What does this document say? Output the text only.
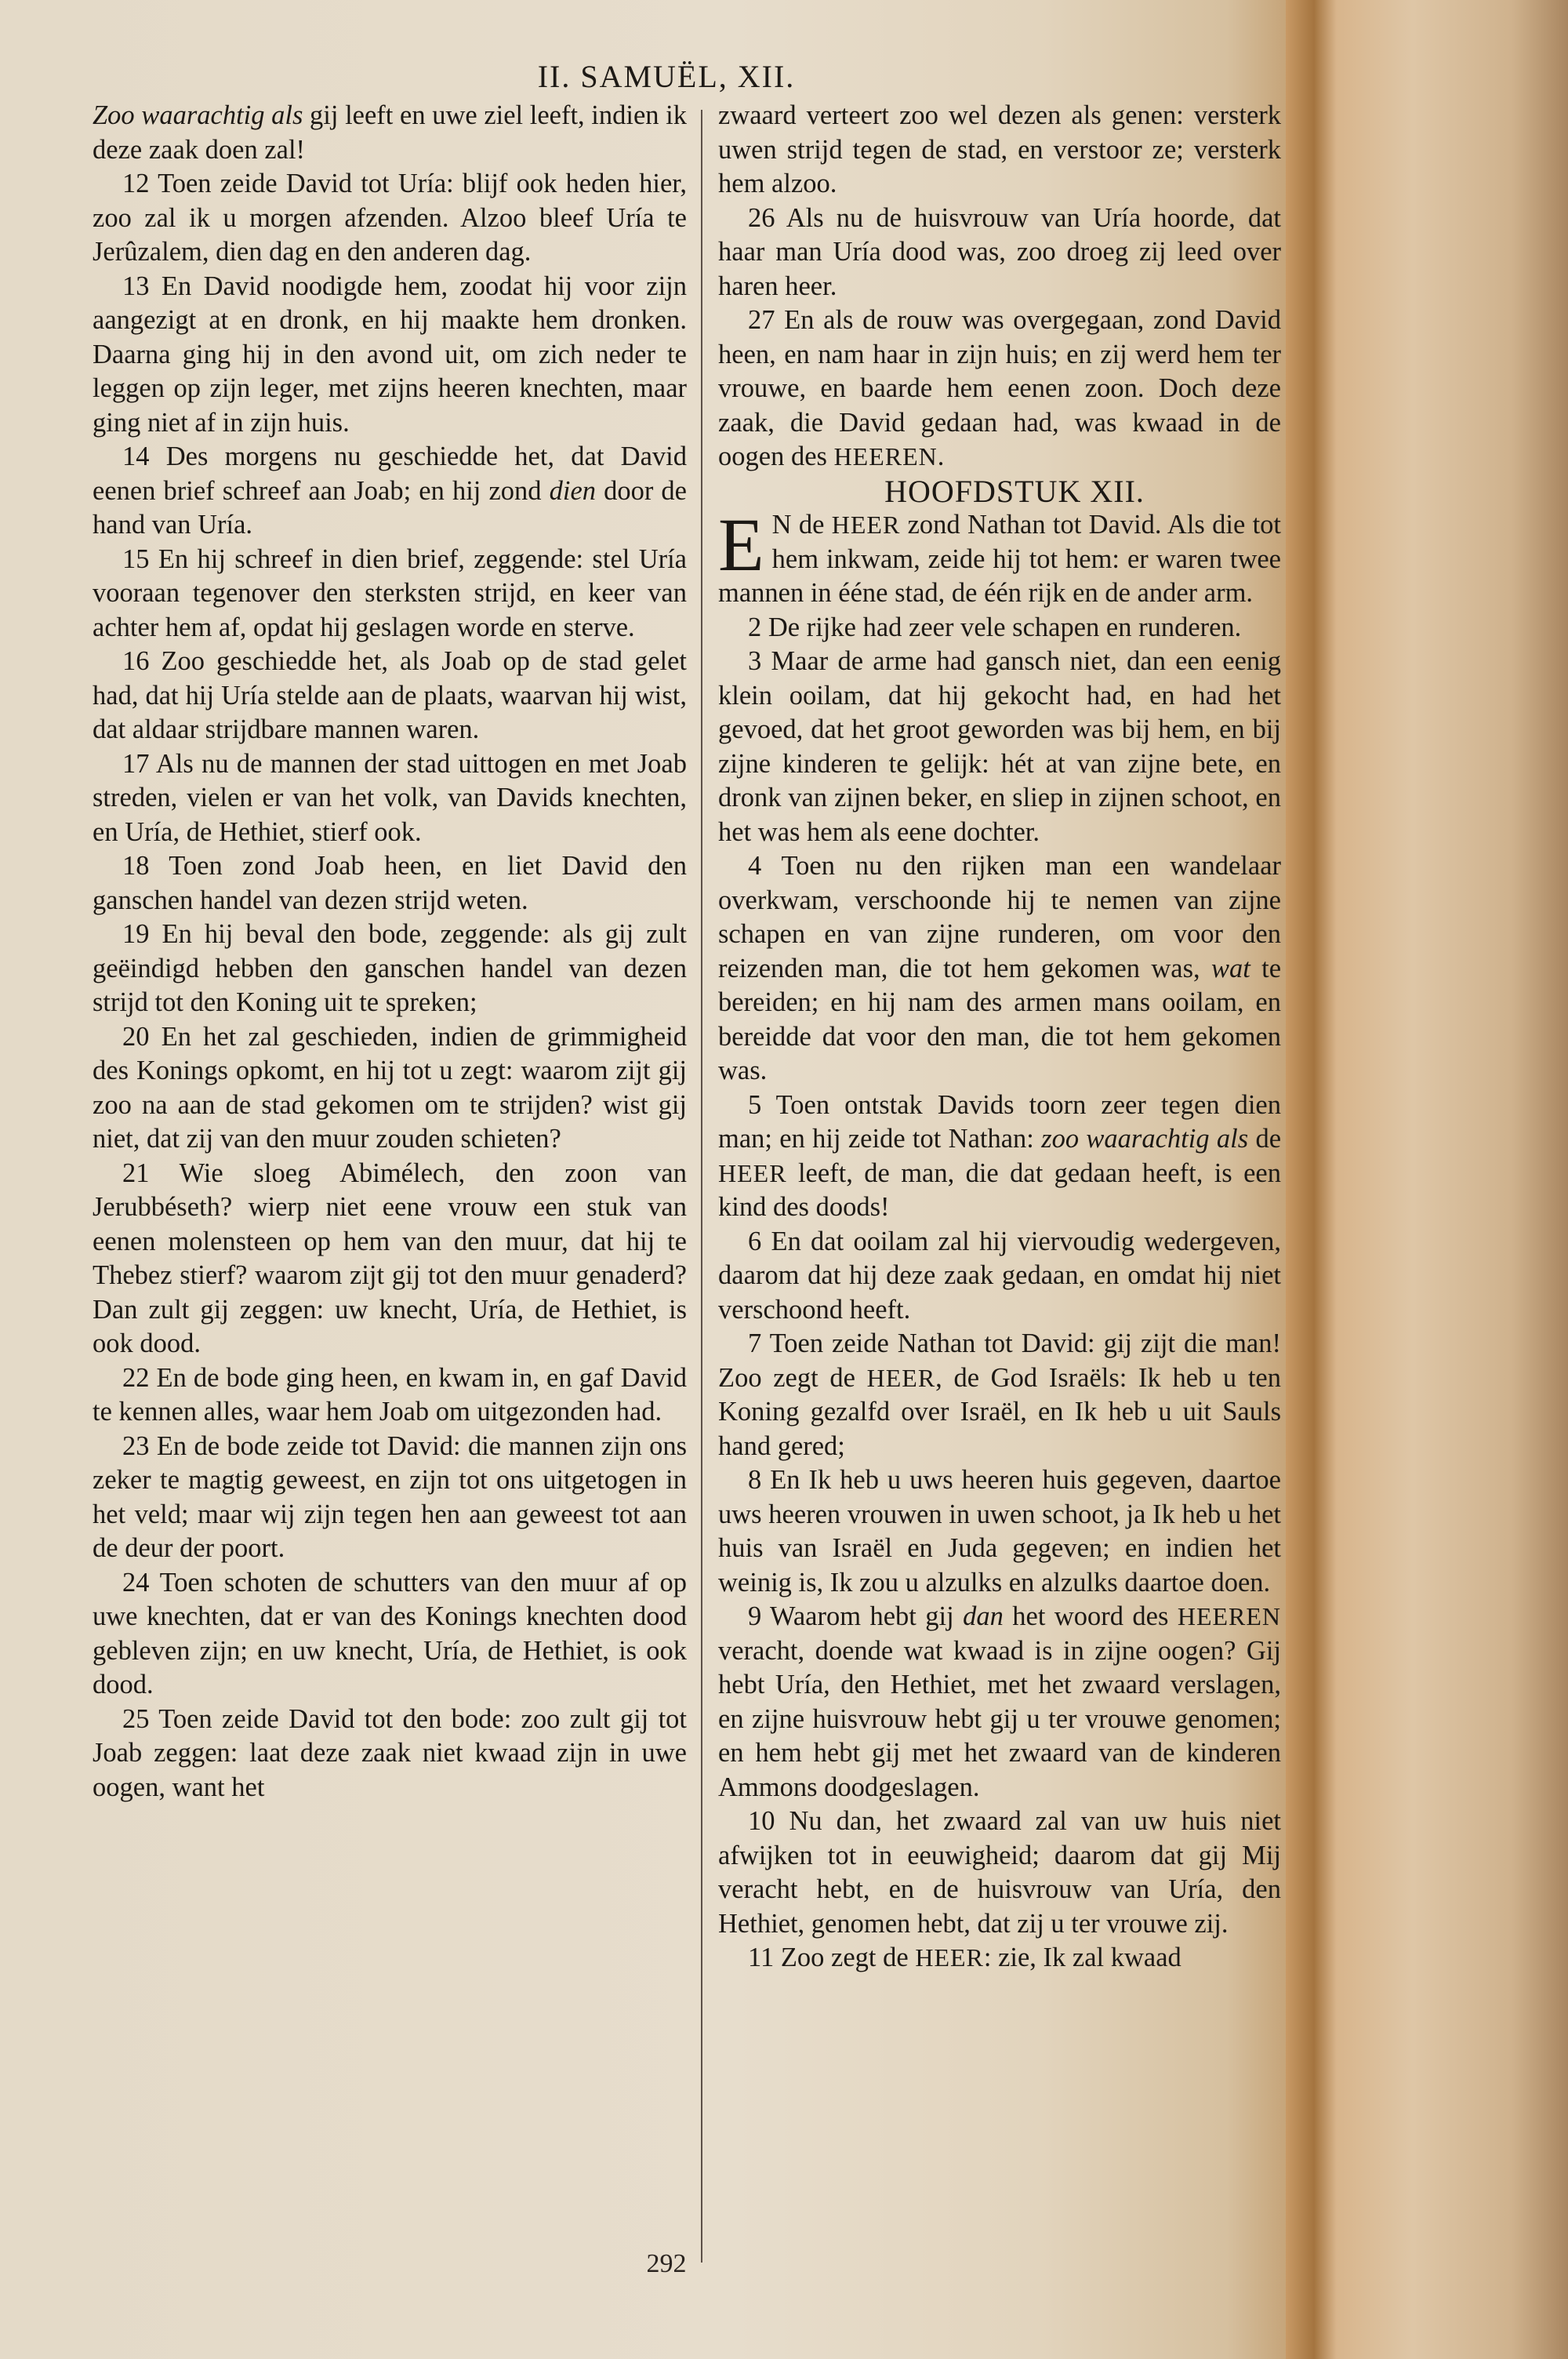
II. SAMUËL, XII.

Zoo waarachtig als gij leeft en uwe ziel leeft, indien ik deze zaak doen zal!

12 Toen zeide David tot Uría: blijf ook heden hier, zoo zal ik u morgen afzenden. Alzoo bleef Uría te Jerûzalem, dien dag en den anderen dag.

13 En David noodigde hem, zoodat hij voor zijn aangezigt at en dronk, en hij maakte hem dronken. Daarna ging hij in den avond uit, om zich neder te leggen op zijn leger, met zijns heeren knechten, maar ging niet af in zijn huis.

14 Des morgens nu geschiedde het, dat David eenen brief schreef aan Joab; en hij zond dien door de hand van Uría.

15 En hij schreef in dien brief, zeggende: stel Uría vooraan tegenover den sterksten strijd, en keer van achter hem af, opdat hij geslagen worde en sterve.

16 Zoo geschiedde het, als Joab op de stad gelet had, dat hij Uría stelde aan de plaats, waarvan hij wist, dat aldaar strijdbare mannen waren.

17 Als nu de mannen der stad uittogen en met Joab streden, vielen er van het volk, van Davids knechten, en Uría, de Hethiet, stierf ook.

18 Toen zond Joab heen, en liet David den ganschen handel van dezen strijd weten.

19 En hij beval den bode, zeggende: als gij zult geëindigd hebben den ganschen handel van dezen strijd tot den Koning uit te spreken;

20 En het zal geschieden, indien de grimmigheid des Konings opkomt, en hij tot u zegt: waarom zijt gij zoo na aan de stad gekomen om te strijden? wist gij niet, dat zij van den muur zouden schieten?

21 Wie sloeg Abimélech, den zoon van Jerubbéseth? wierp niet eene vrouw een stuk van eenen molensteen op hem van den muur, dat hij te Thebez stierf? waarom zijt gij tot den muur genaderd? Dan zult gij zeggen: uw knecht, Uría, de Hethiet, is ook dood.

22 En de bode ging heen, en kwam in, en gaf David te kennen alles, waar hem Joab om uitgezonden had.

23 En de bode zeide tot David: die mannen zijn ons zeker te magtig geweest, en zijn tot ons uitgetogen in het veld; maar wij zijn tegen hen aan geweest tot aan de deur der poort.

24 Toen schoten de schutters van den muur af op uwe knechten, dat er van des Konings knechten dood gebleven zijn; en uw knecht, Uría, de Hethiet, is ook dood.

25 Toen zeide David tot den bode: zoo zult gij tot Joab zeggen: laat deze zaak niet kwaad zijn in uwe oogen, want het

zwaard verteert zoo wel dezen als genen: versterk uwen strijd tegen de stad, en verstoor ze; versterk hem alzoo.

26 Als nu de huisvrouw van Uría hoorde, dat haar man Uría dood was, zoo droeg zij leed over haren heer.

27 En als de rouw was overgegaan, zond David heen, en nam haar in zijn huis; en zij werd hem ter vrouwe, en baarde hem eenen zoon. Doch deze zaak, die David gedaan had, was kwaad in de oogen des HEEREN.

HOOFDSTUK XII.

E N de HEER zond Nathan tot David. Als die tot hem inkwam, zeide hij tot hem: er waren twee mannen in ééne stad, de één rijk en de ander arm.

2 De rijke had zeer vele schapen en runderen.

3 Maar de arme had gansch niet, dan een eenig klein ooilam, dat hij gekocht had, en had het gevoed, dat het groot geworden was bij hem, en bij zijne kinderen te gelijk: hét at van zijne bete, en dronk van zijnen beker, en sliep in zijnen schoot, en het was hem als eene dochter.

4 Toen nu den rijken man een wandelaar overkwam, verschoonde hij te nemen van zijne schapen en van zijne runderen, om voor den reizenden man, die tot hem gekomen was, wat te bereiden; en hij nam des armen mans ooilam, en bereidde dat voor den man, die tot hem gekomen was.

5 Toen ontstak Davids toorn zeer tegen dien man; en hij zeide tot Nathan: zoo waarachtig als de HEER leeft, de man, die dat gedaan heeft, is een kind des doods!

6 En dat ooilam zal hij viervoudig wedergeven, daarom dat hij deze zaak gedaan, en omdat hij niet verschoond heeft.

7 Toen zeide Nathan tot David: gij zijt die man! Zoo zegt de HEER, de God Israëls: Ik heb u ten Koning gezalfd over Israël, en Ik heb u uit Sauls hand gered;

8 En Ik heb u uws heeren huis gegeven, daartoe uws heeren vrouwen in uwen schoot, ja Ik heb u het huis van Israël en Juda gegeven; en indien het weinig is, Ik zou u alzulks en alzulks daartoe doen.

9 Waarom hebt gij dan het woord des HEEREN veracht, doende wat kwaad is in zijne oogen? Gij hebt Uría, den Hethiet, met het zwaard verslagen, en zijne huisvrouw hebt gij u ter vrouwe genomen; en hem hebt gij met het zwaard van de kinderen Ammons doodgeslagen.

10 Nu dan, het zwaard zal van uw huis niet afwijken tot in eeuwigheid; daarom dat gij Mij veracht hebt, en de huisvrouw van Uría, den Hethiet, genomen hebt, dat zij u ter vrouwe zij.

11 Zoo zegt de HEER: zie, Ik zal kwaad

292
